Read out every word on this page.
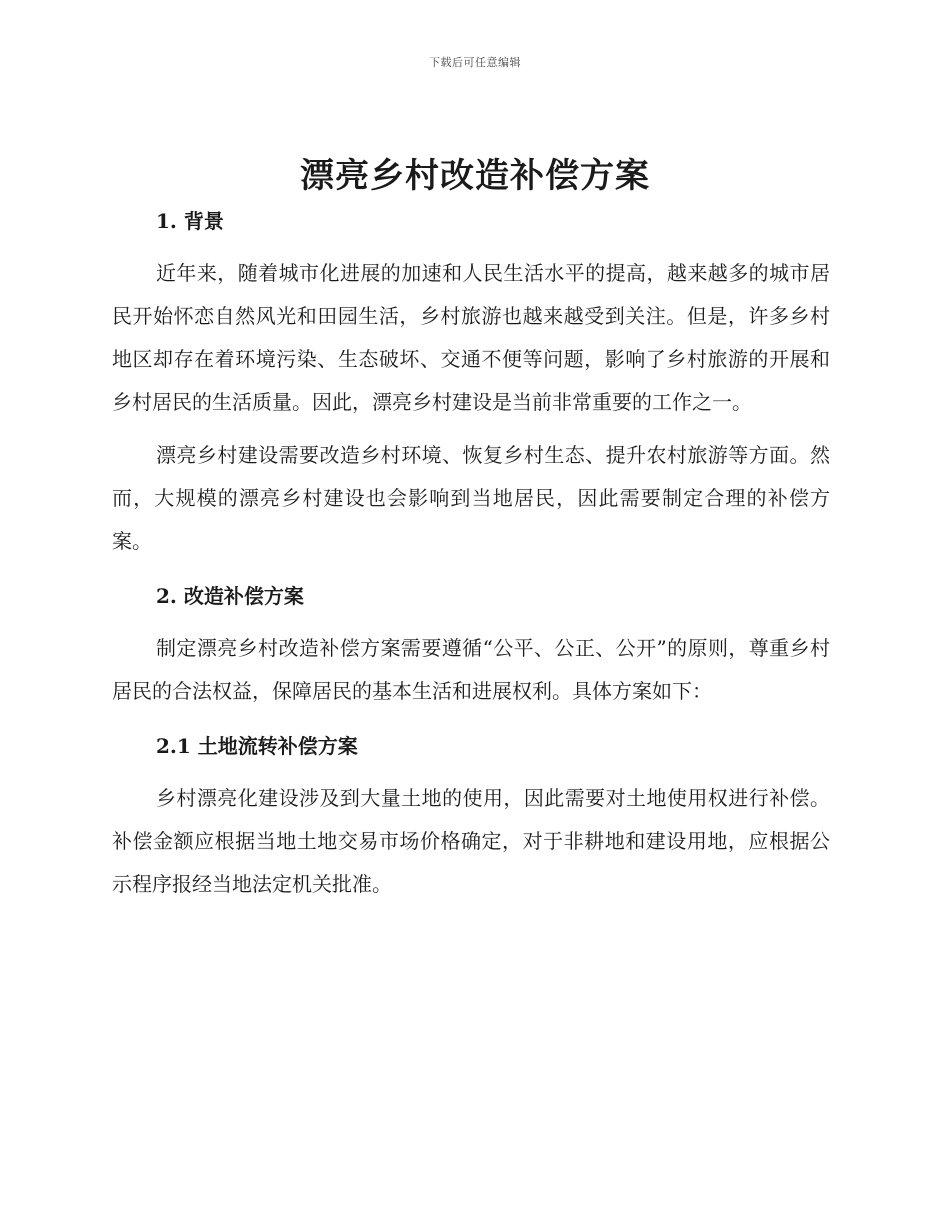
下载后可任意编辑
漂亮乡村改造补偿方案
1. 背景

近年来，随着城市化进展的加速和人民生活水平的提高，越来越多的城市居民开始怀恋自然风光和田园生活，乡村旅游也越来越受到关注。但是，许多乡村地区却存在着环境污染、生态破坏、交通不便等问题，影响了乡村旅游的开展和乡村居民的生活质量。因此，漂亮乡村建设是当前非常重要的工作之一。

漂亮乡村建设需要改造乡村环境、恢复乡村生态、提升农村旅游等方面。然而，大规模的漂亮乡村建设也会影响到当地居民，因此需要制定合理的补偿方案。

2. 改造补偿方案

制定漂亮乡村改造补偿方案需要遵循“公平、公正、公开”的原则，尊重乡村居民的合法权益，保障居民的基本生活和进展权利。具体方案如下：

2.1 土地流转补偿方案

乡村漂亮化建设涉及到大量土地的使用，因此需要对土地使用权进行补偿。补偿金额应根据当地土地交易市场价格确定，对于非耕地和建设用地，应根据公示程序报经当地法定机关批准。
